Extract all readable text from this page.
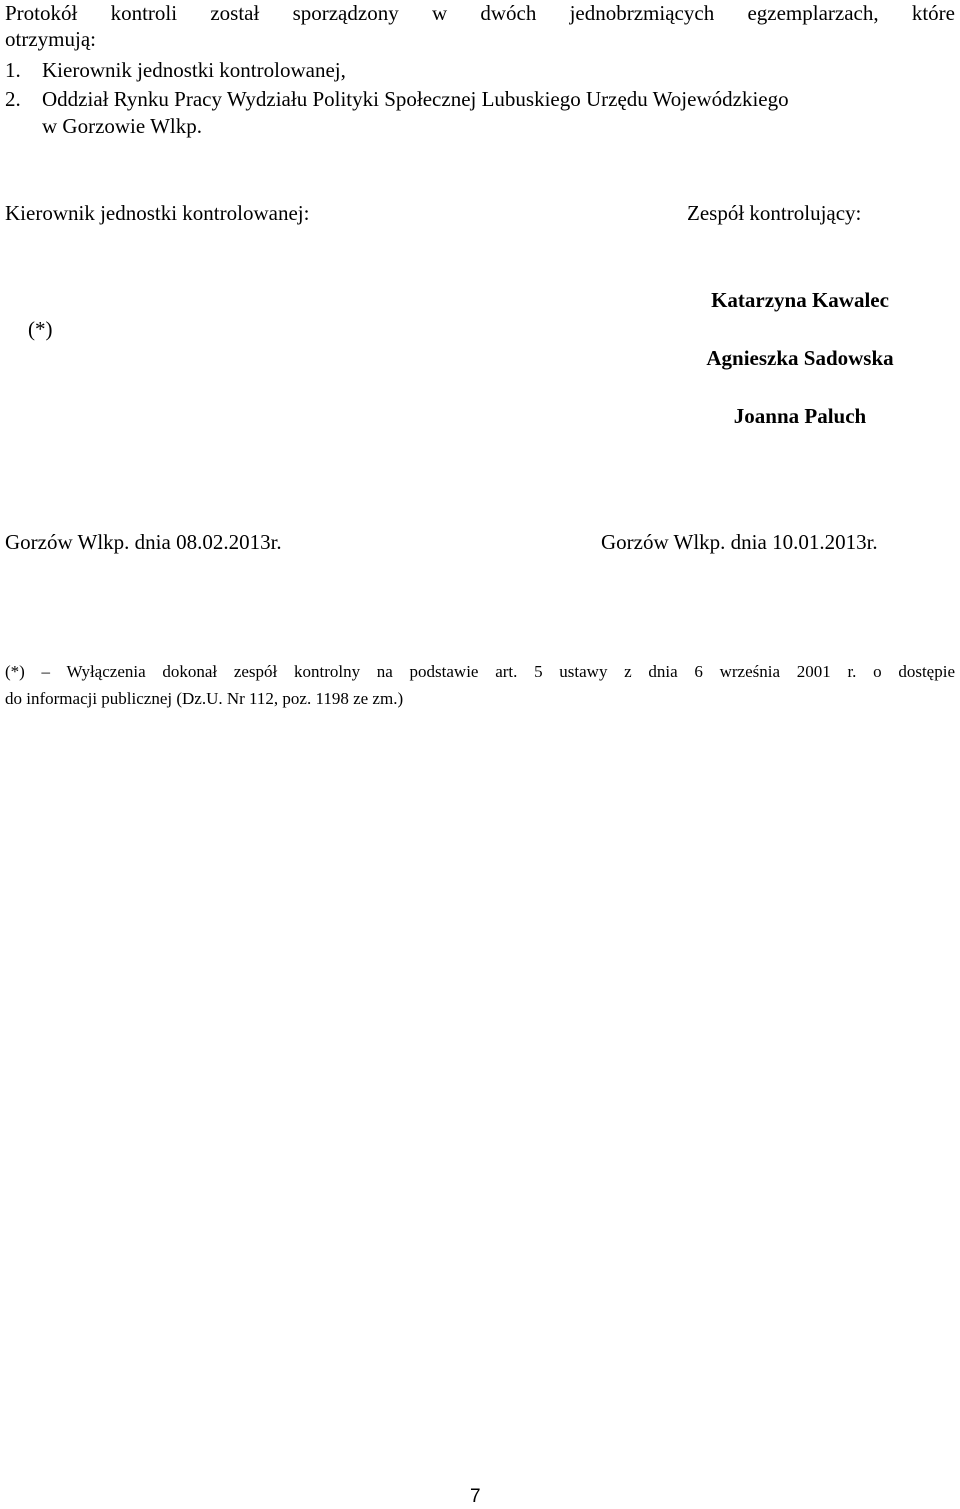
Protokół kontroli został sporządzony w dwóch jednobrzmiących egzemplarzach, które
otrzymują:
1. Kierownik jednostki kontrolowanej,
2. Oddział Rynku Pracy Wydziału Polityki Społecznej Lubuskiego Urzędu Wojewódzkiego
w Gorzowie Wlkp.
Kierownik jednostki kontrolowanej:	Zespół kontrolujący:
(*)
Katarzyna Kawalec
Agnieszka Sadowska
Joanna Paluch
Gorzów Wlkp. dnia 08.02.2013r.	Gorzów Wlkp. dnia 10.01.2013r.
(*) – Wyłączenia dokonał zespół kontrolny na podstawie art. 5 ustawy z dnia 6 września 2001 r. o dostępie
do informacji publicznej (Dz.U. Nr 112, poz. 1198 ze zm.)
7
